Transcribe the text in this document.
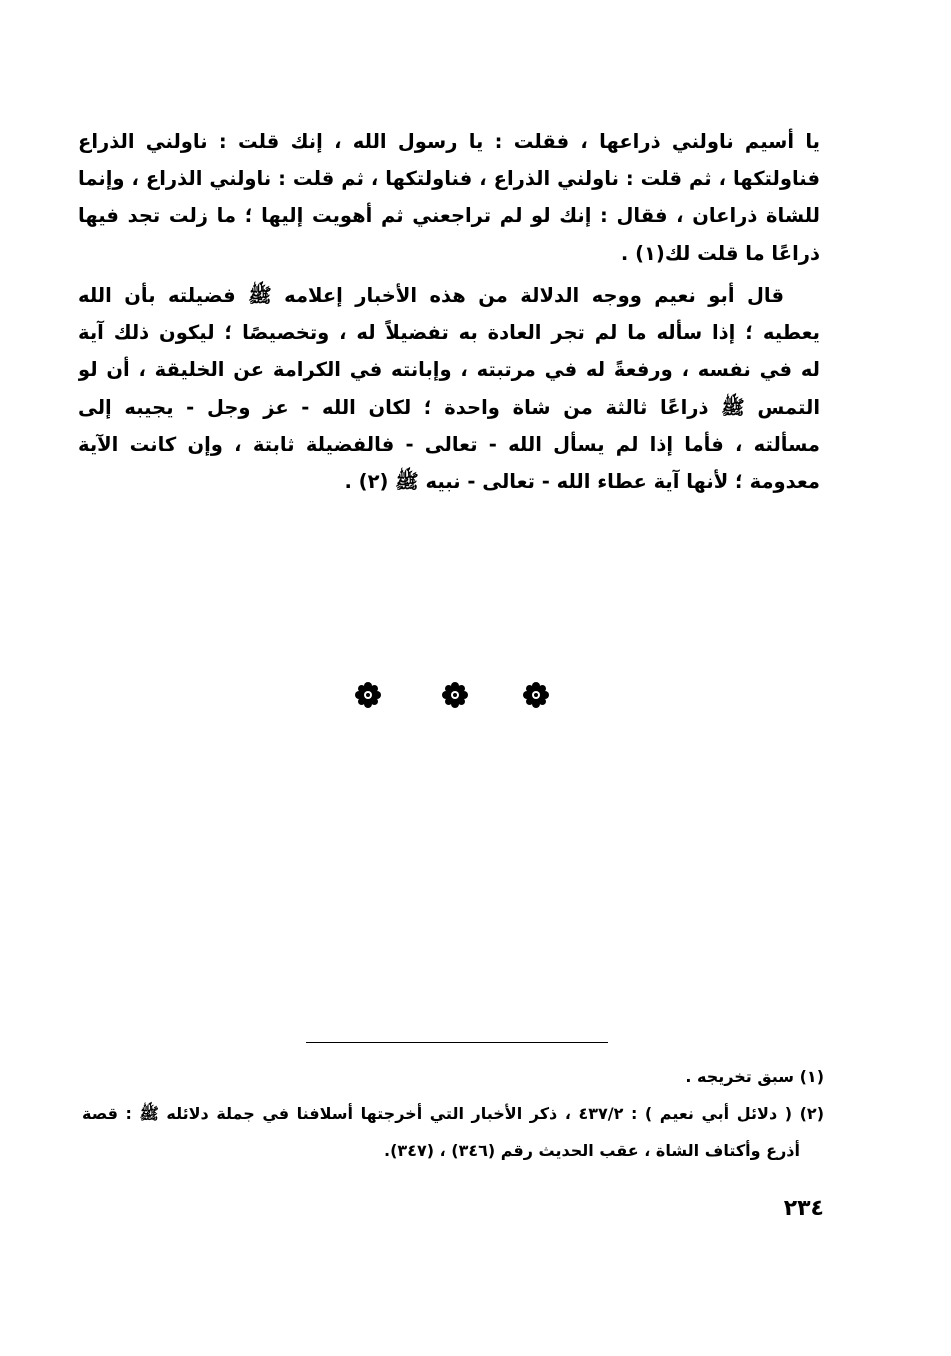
يا أسيم ناولني ذراعها ، فقلت : يا رسول الله ، إنك قلت : ناولني الذراع
فناولتكها ، ثم قلت : ناولني الذراع ، فناولتكها ، ثم قلت : ناولني الذراع ، وإنما
للشاة ذراعان ، فقال : إنك لو لم تراجعني ثم أهويت إليها ؛ ما زلت تجد فيها
ذراعًا ما قلت لك(١) .
قال أبو نعيم ووجه الدلالة من هذه الأخبار إعلامه ﷺ فضيلته بأن الله
يعطيه ؛ إذا سأله ما لم تجر العادة به تفضيلاً له ، وتخصيصًا ؛ ليكون ذلك آية
له في نفسه ، ورفعةً له في مرتبته ، وإبانته في الكرامة عن الخليقة ، أن لو
التمس ﷺ ذراعًا ثالثة من شاة واحدة ؛ لكان الله - عز وجل - يجيبه إلى
مسألته ، فأما إذا لم يسأل الله - تعالى - فالفضيلة ثابتة ، وإن كانت الآية
معدومة ؛ لأنها آية عطاء الله - تعالى - نبيه ﷺ (٢) .
(١) سبق تخريجه .
(٢) ( دلائل أبي نعيم ) : ٤٣٧/٢ ، ذكر الأخبار التي أخرجتها أسلافنا في جملة دلائله ﷺ : قصة
أذرع وأكتاف الشاة ، عقب الحديث رقم (٣٤٦) ، (٣٤٧).
٢٣٤
